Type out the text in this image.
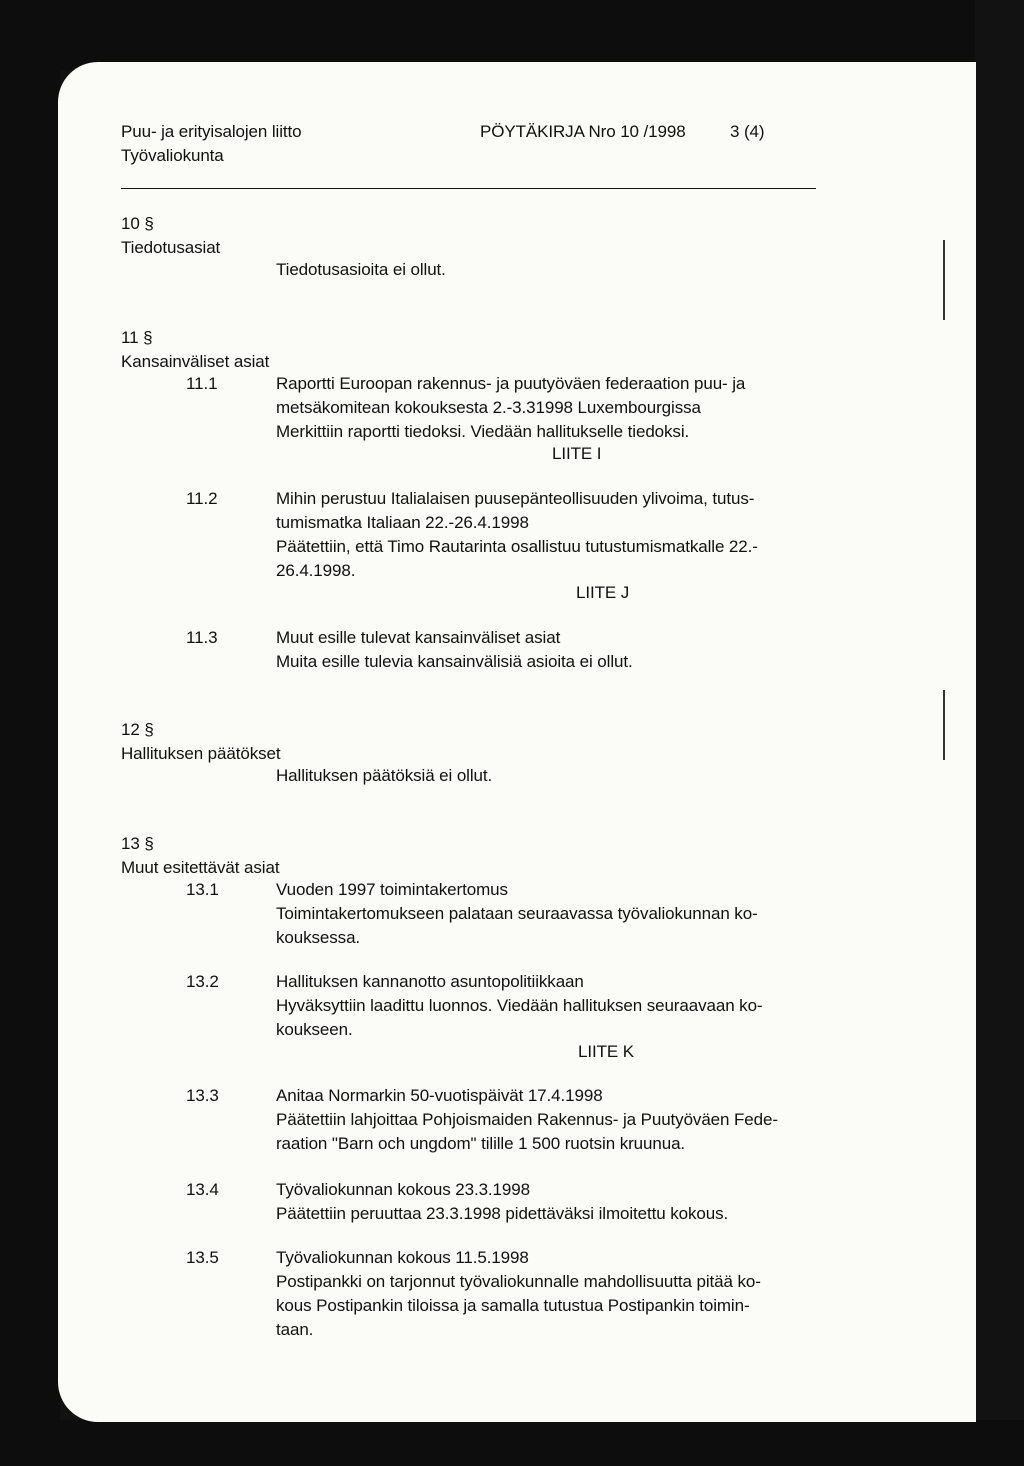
Puu- ja erityisalojen liitto
Työvaliokunta
PÖYTÄKIRJA Nro 10 /1998	3 (4)
10 §
Tiedotusasiat
Tiedotusasioita ei ollut.
11 §
Kansainväliset asiat
11.1	Raportti Euroopan rakennus- ja puutyöväen federaation puu- ja
metsäkomitean kokouksesta 2.-3.31998 Luxembourgissa
Merkittiin raportti tiedoksi. Viedään hallitukselle tiedoksi.
LIITE I
11.2	Mihin perustuu Italialaisen puusepänteollisuuden ylivoima, tutus-
tumismatka Italiaan 22.-26.4.1998
Päätettiin, että Timo Rautarinta osallistuu tutustumismatkalle 22.-
26.4.1998.
LIITE J
11.3	Muut esille tulevat kansainväliset asiat
Muita esille tulevia kansainvälisiä asioita ei ollut.
12 §
Hallituksen päätökset
Hallituksen päätöksiä ei ollut.
13 §
Muut esitettävät asiat
13.1	Vuoden 1997 toimintakertomus
Toimintakertomukseen palataan seuraavassa työvaliokunnan ko-
kouksessa.
13.2	Hallituksen kannanotto asuntopolitiikkaan
Hyväksyttiin laadittu luonnos. Viedään hallituksen seuraavaan ko-
koukseen.
LIITE K
13.3	Anitaa Normarkin 50-vuotispäivät 17.4.1998
Päätettiin lahjoittaa Pohjoismaiden Rakennus- ja Puutyöväen Fede-
raation "Barn och ungdom" tilille 1 500 ruotsin kruunua.
13.4	Työvaliokunnan kokous 23.3.1998
Päätettiin peruuttaa 23.3.1998 pidettäväksi ilmoitettu kokous.
13.5	Työvaliokunnan kokous 11.5.1998
Postipankki on tarjonnut työvaliokunnalle mahdollisuutta pitää ko-
kous Postipankin tiloissa ja samalla tutustua Postipankin toimin-
taan.
